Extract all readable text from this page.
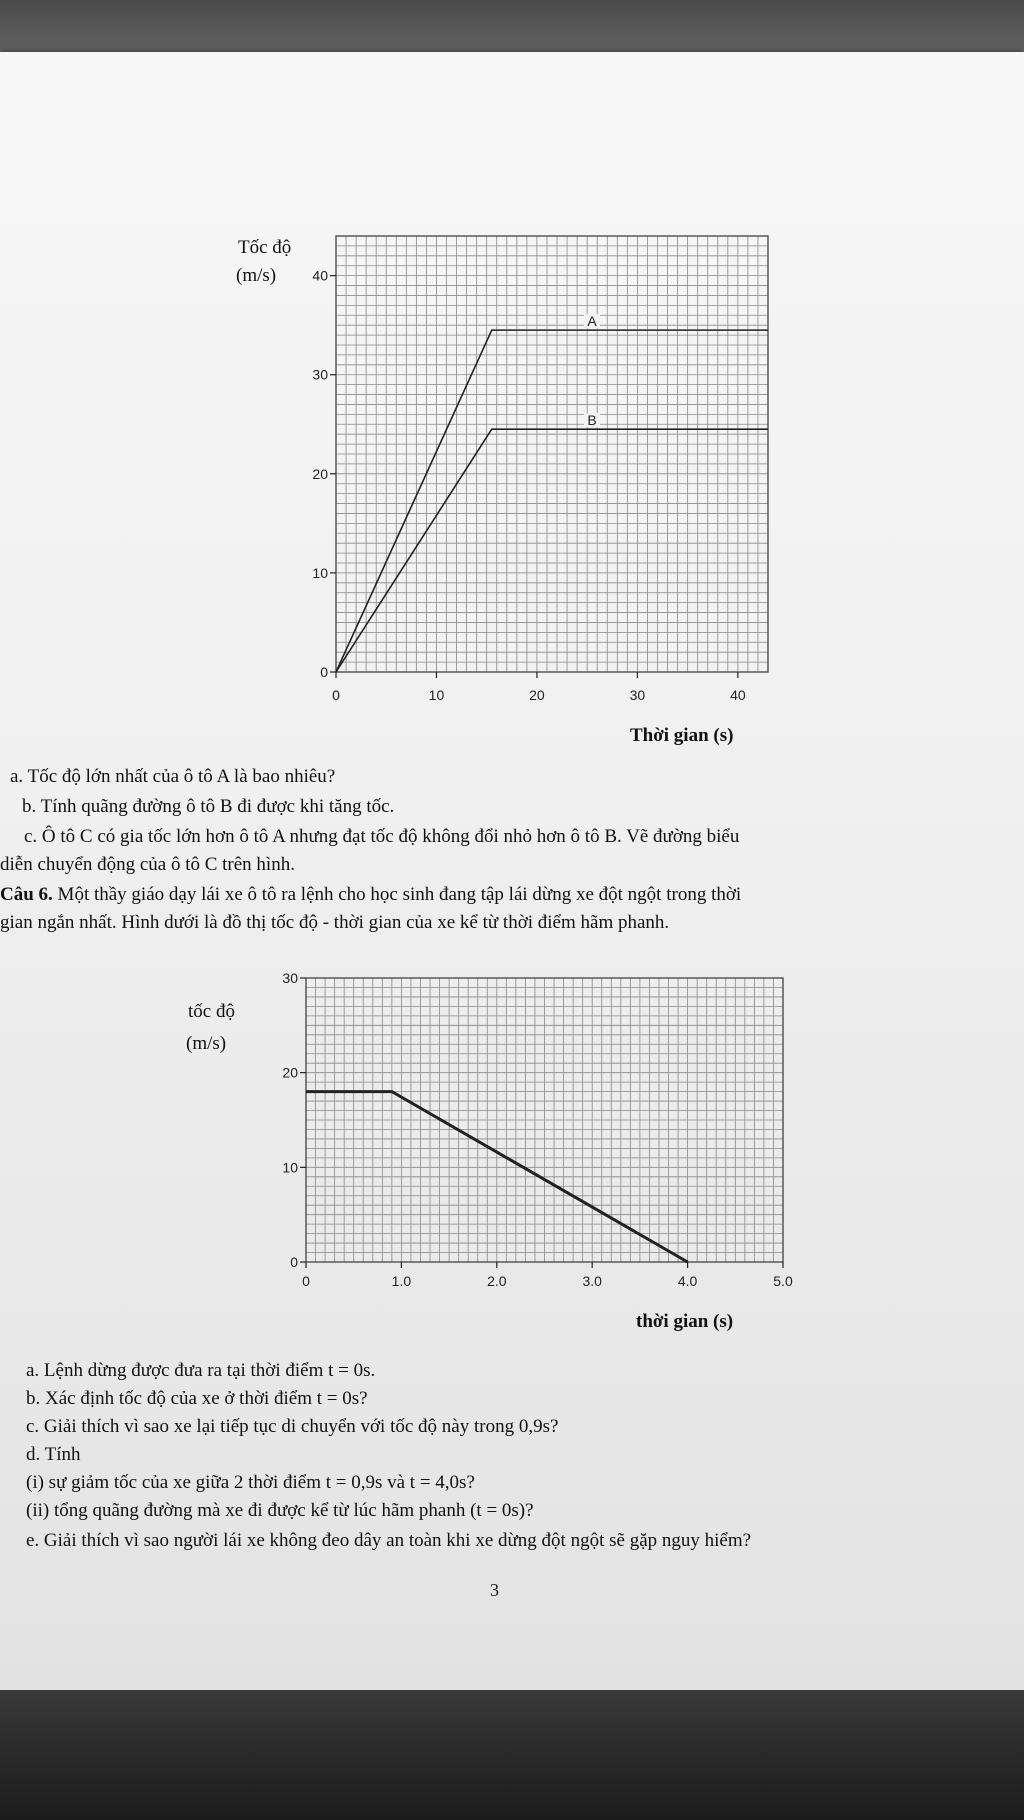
Tốc độ
(m/s)
0	10	20	30	40
0
10
20
30
40
A
B
Thời gian (s)
a. Tốc độ lớn nhất của ô tô A là bao nhiêu?
b. Tính quãng đường ô tô B đi được khi tăng tốc.
c. Ô tô C có gia tốc lớn hơn ô tô A nhưng đạt tốc độ không đổi nhỏ hơn ô tô B. Vẽ đường biểu
diễn chuyển động của ô tô C trên hình.
Câu 6. Một thầy giáo dạy lái xe ô tô ra lệnh cho học sinh đang tập lái dừng xe đột ngột trong thời
gian ngắn nhất. Hình dưới là đồ thị tốc độ - thời gian của xe kể từ thời điểm hãm phanh.
tốc độ
(m/s)
0	1.0	2.0	3.0	4.0	5.0
0
10
20
30
thời gian (s)
a. Lệnh dừng được đưa ra tại thời điểm t = 0s.
b. Xác định tốc độ của xe ở thời điểm t = 0s?
c. Giải thích vì sao xe lại tiếp tục di chuyển với tốc độ này trong 0,9s?
d. Tính
(i) sự giảm tốc của xe giữa 2 thời điểm t = 0,9s và t = 4,0s?
(ii) tổng quãng đường mà xe đi được kể từ lúc hãm phanh (t = 0s)?
e. Giải thích vì sao người lái xe không đeo dây an toàn khi xe dừng đột ngột sẽ gặp nguy hiểm?
3
